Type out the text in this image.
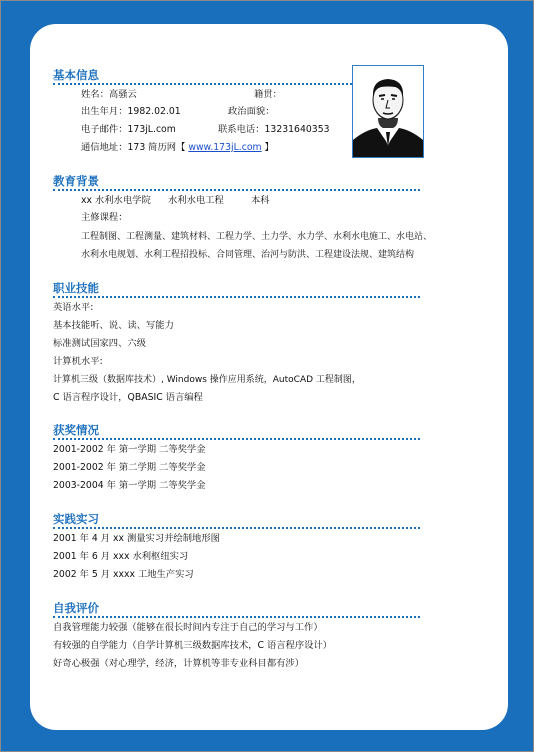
基本信息
姓名：高骚云	籍贯：
出生年月：1982.02.01	政治面貌：
电子邮件：173jL.com	联系电话：13231640353
通信地址：173 简历网【 www.173jL.com 】
教育背景
xx 水利水电学院 水利水电工程	本科
主修课程：
工程制图、工程测量、建筑材料、工程力学、土力学、水力学、水利水电施工、水电站、
水利水电规划、水利工程招投标、合同管理、治河与防洪、工程建设法规、建筑结构
职业技能
英语水平:
基本技能听、说、读、写能力
标准测试国家四、六级
计算机水平:
计算机三级（数据库技术）, Windows 操作应用系统，AutoCAD 工程制图，
C 语言程序设计，QBASIC 语言编程
获奖情况
2001-2002 年 第一学期 二等奖学金
2001-2002 年 第二学期 二等奖学金
2003-2004 年 第一学期 二等奖学金
实践实习
2001 年 4 月 xx 测量实习并绘制地形图
2001 年 6 月 xxx 水利枢纽实习
2002 年 5 月 xxxx 工地生产实习
自我评价
自我管理能力较强（能够在很长时间内专注于自己的学习与工作）
有较强的自学能力（自学计算机三级数据库技术，C 语言程序设计）
好奇心极强（对心理学，经济，计算机等非专业科目都有涉）
